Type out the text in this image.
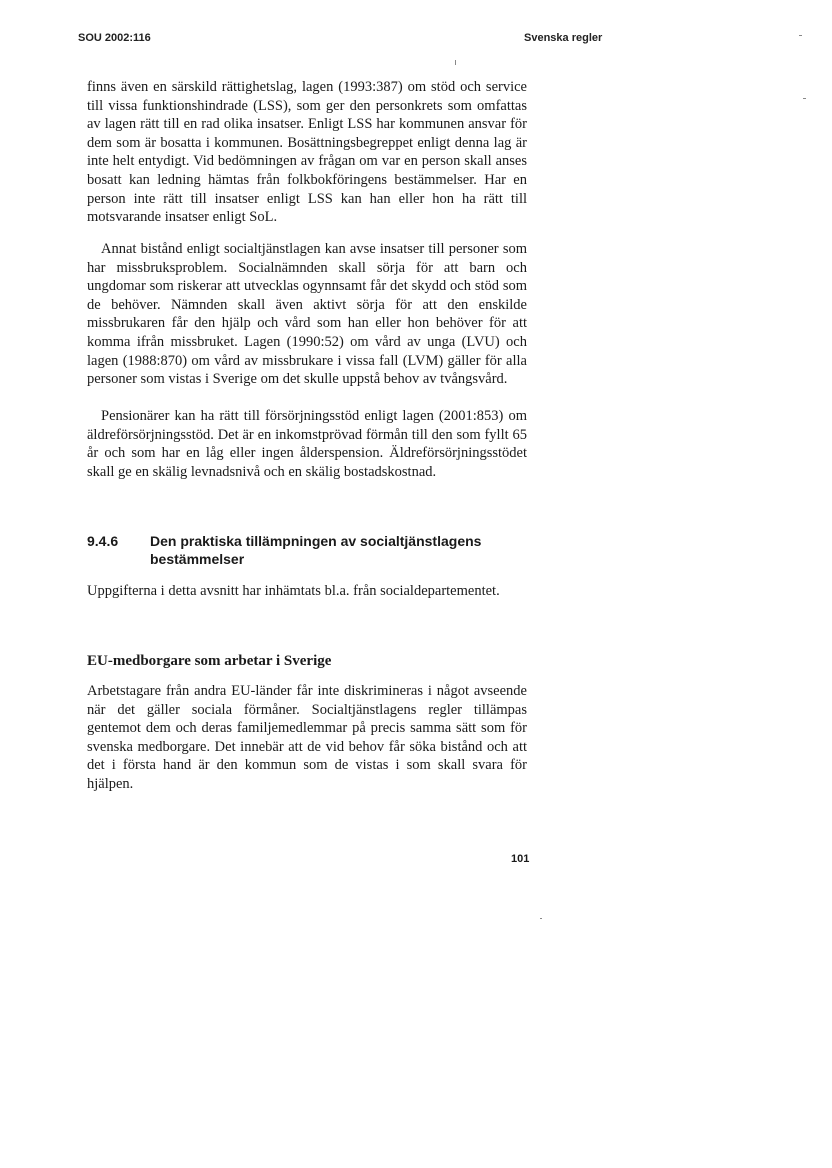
SOU 2002:116	Svenska regler

finns även en särskild rättighetslag, lagen (1993:387) om stöd och service till vissa funktionshindrade (LSS), som ger den personkrets som omfattas av lagen rätt till en rad olika insatser. Enligt LSS har kommunen ansvar för dem som är bosatta i kommunen. Bosättningsbegreppet enligt denna lag är inte helt entydigt. Vid bedömningen av frågan om var en person skall anses bosatt kan ledning hämtas från folkbokföringens bestämmelser. Har en person inte rätt till insatser enligt LSS kan han eller hon ha rätt till motsvarande insatser enligt SoL.

Annat bistånd enligt socialtjänstlagen kan avse insatser till personer som har missbruksproblem. Socialnämnden skall sörja för att barn och ungdomar som riskerar att utvecklas ogynnsamt får det skydd och stöd som de behöver. Nämnden skall även aktivt sörja för att den enskilde missbrukaren får den hjälp och vård som han eller hon behöver för att komma ifrån missbruket. Lagen (1990:52) om vård av unga (LVU) och lagen (1988:870) om vård av missbrukare i vissa fall (LVM) gäller för alla personer som vistas i Sverige om det skulle uppstå behov av tvångsvård.

Pensionärer kan ha rätt till försörjningsstöd enligt lagen (2001:853) om äldreförsörjningsstöd. Det är en inkomstprövad förmån till den som fyllt 65 år och som har en låg eller ingen ålderspension. Äldreförsörjningsstödet skall ge en skälig levnadsnivå och en skälig bostadskostnad.

9.4.6 Den praktiska tillämpningen av socialtjänstlagens bestämmelser

Uppgifterna i detta avsnitt har inhämtats bl.a. från socialdepartementet.

EU-medborgare som arbetar i Sverige

Arbetstagare från andra EU-länder får inte diskrimineras i något avseende när det gäller sociala förmåner. Socialtjänstlagens regler tillämpas gentemot dem och deras familjemedlemmar på precis samma sätt som för svenska medborgare. Det innebär att de vid behov får söka bistånd och att det i första hand är den kommun som de vistas i som skall svara för hjälpen.

101
